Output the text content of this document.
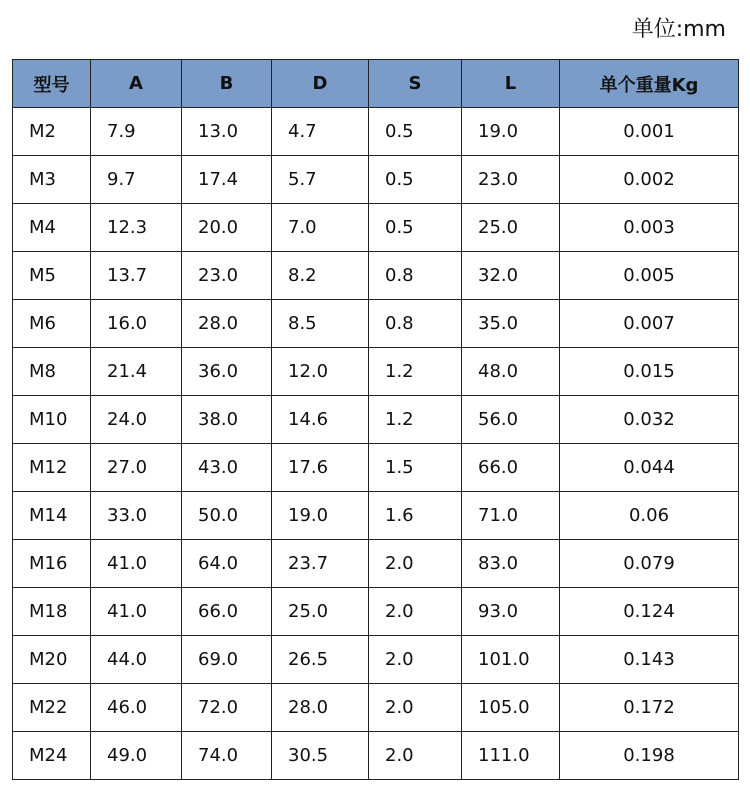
单位:mm
型号	A	B	D	S	L	单个重量Kg
M2	7.9	13.0	4.7	0.5	19.0	0.001
M3	9.7	17.4	5.7	0.5	23.0	0.002
M4	12.3	20.0	7.0	0.5	25.0	0.003
M5	13.7	23.0	8.2	0.8	32.0	0.005
M6	16.0	28.0	8.5	0.8	35.0	0.007
M8	21.4	36.0	12.0	1.2	48.0	0.015
M10	24.0	38.0	14.6	1.2	56.0	0.032
M12	27.0	43.0	17.6	1.5	66.0	0.044
M14	33.0	50.0	19.0	1.6	71.0	0.06
M16	41.0	64.0	23.7	2.0	83.0	0.079
M18	41.0	66.0	25.0	2.0	93.0	0.124
M20	44.0	69.0	26.5	2.0	101.0	0.143
M22	46.0	72.0	28.0	2.0	105.0	0.172
M24	49.0	74.0	30.5	2.0	111.0	0.198
